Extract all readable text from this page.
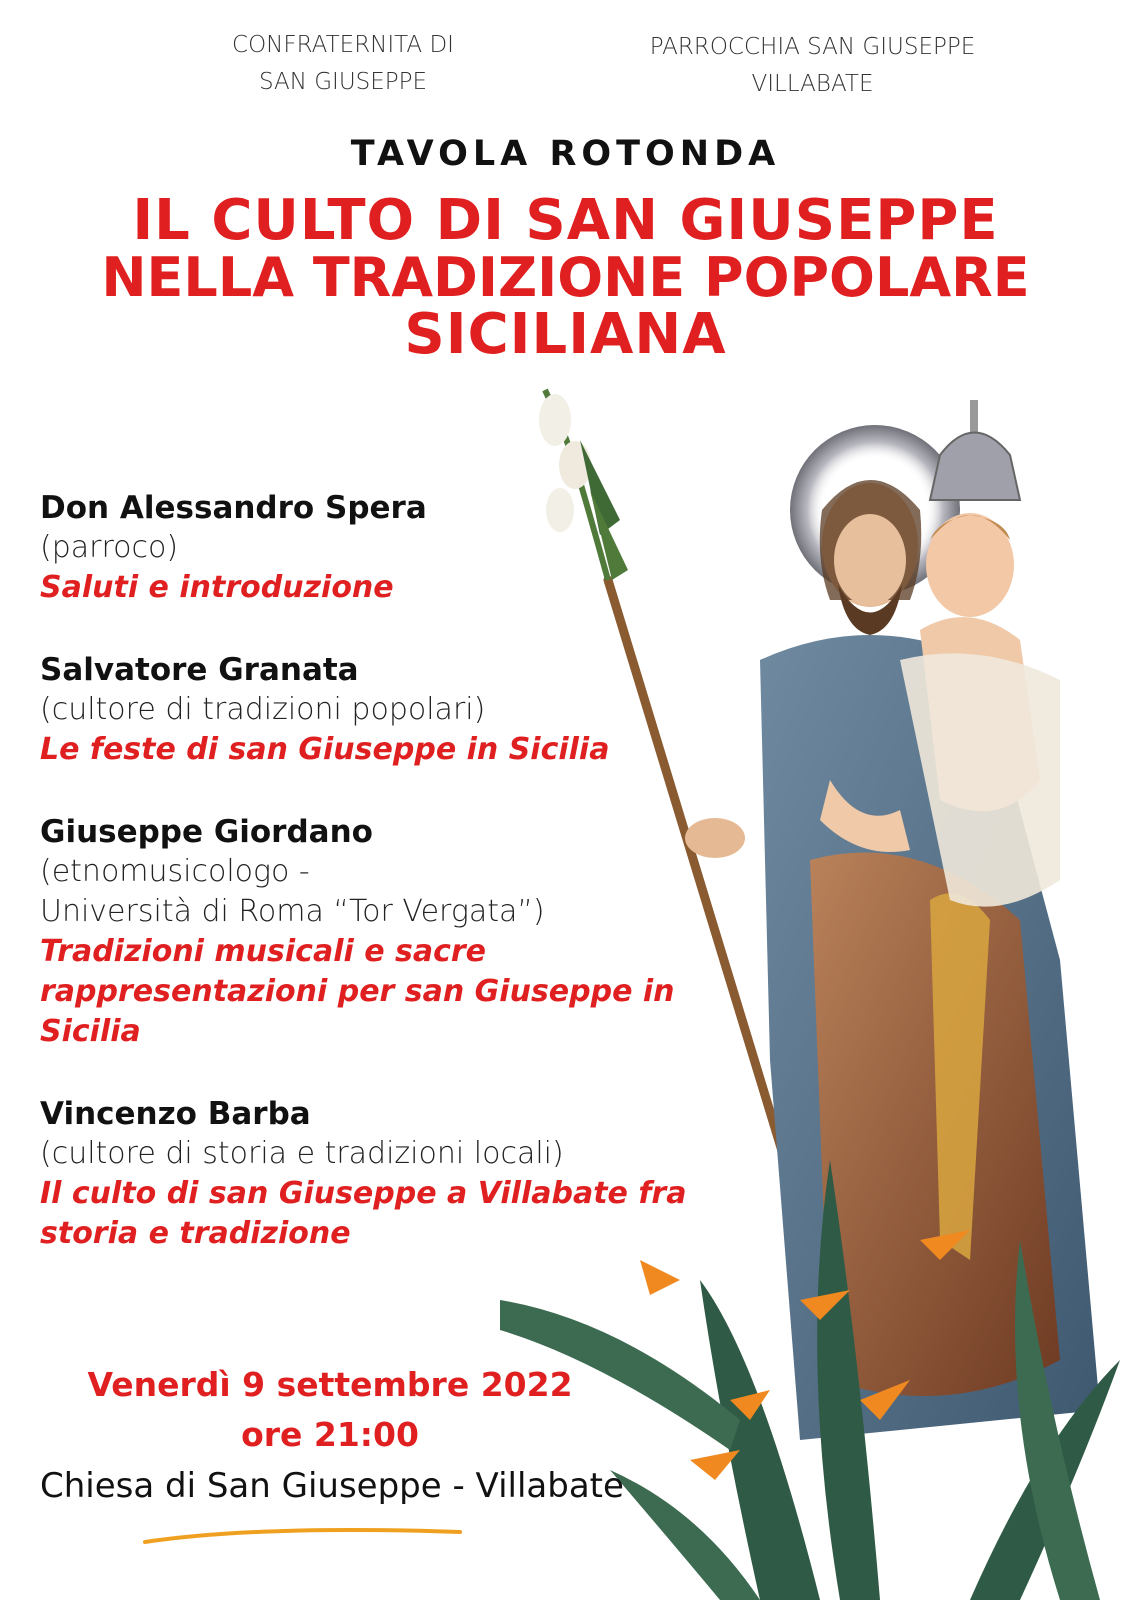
CONFRATERNITA DI
SAN GIUSEPPE
PARROCCHIA SAN GIUSEPPE
VILLABATE
TAVOLA ROTONDA
IL CULTO DI SAN GIUSEPPE
NELLA TRADIZIONE POPOLARE
SICILIANA
Don Alessandro Spera
(parroco)
Saluti e introduzione
Salvatore Granata
(cultore di tradizioni popolari)
Le feste di san Giuseppe in Sicilia
Giuseppe Giordano
(etnomusicologo -
Università di Roma “Tor Vergata”)
Tradizioni musicali e sacre
rappresentazioni per san Giuseppe in
Sicilia
Vincenzo Barba
(cultore di storia e tradizioni locali)
Il culto di san Giuseppe a Villabate fra
storia e tradizione
Venerdì 9 settembre 2022
ore 21:00
Chiesa di San Giuseppe - Villabate
